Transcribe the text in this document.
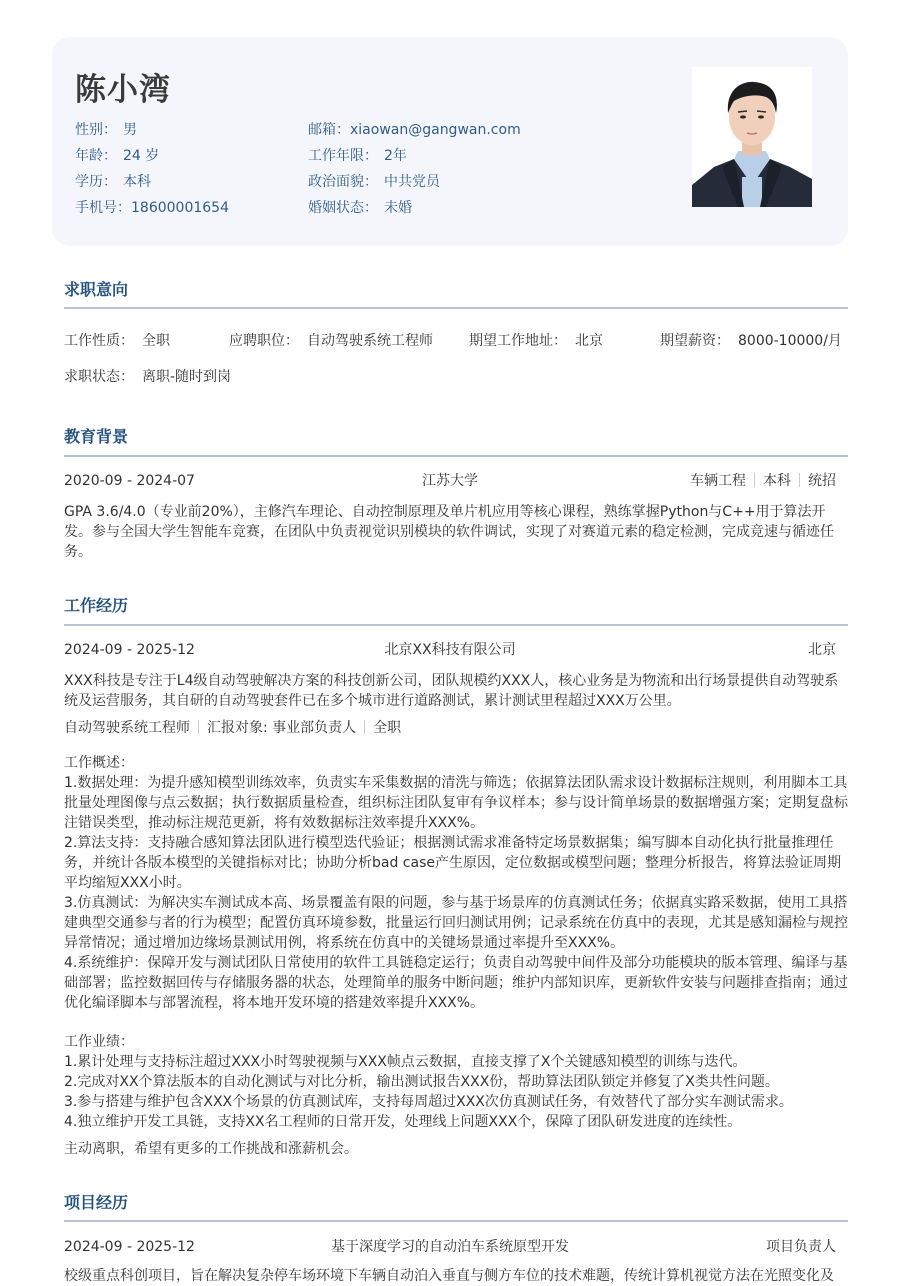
陈小湾
性别： 男
年龄： 24 岁
学历： 本科
手机号：18600001654
邮箱：xiaowan@gangwan.com
工作年限： 2年
政治面貌： 中共党员
婚姻状态： 未婚
求职意向
工作性质： 全职	应聘职位： 自动驾驶系统工程师	期望工作地址： 北京	期望薪资： 8000-10000/月
求职状态： 离职-随时到岗
教育背景
2020-09 - 2024-07	江苏大学	车辆工程 本科 统招
GPA 3.6/4.0（专业前20%），主修汽车理论、自动控制原理及单片机应用等核心课程，熟练掌握Python与C++用于算法开发。参与全国大学生智能车竞赛，在团队中负责视觉识别模块的软件调试，实现了对赛道元素的稳定检测，完成竞速与循迹任务。
工作经历
2024-09 - 2025-12	北京XX科技有限公司	北京
XXX科技是专注于L4级自动驾驶解决方案的科技创新公司，团队规模约XXX人，核心业务是为物流和出行场景提供自动驾驶系统及运营服务，其自研的自动驾驶套件已在多个城市进行道路测试，累计测试里程超过XXX万公里。
自动驾驶系统工程师 汇报对象: 事业部负责人 全职
工作概述：
1.数据处理：为提升感知模型训练效率，负责实车采集数据的清洗与筛选；依据算法团队需求设计数据标注规则，利用脚本工具批量处理图像与点云数据；执行数据质量检查，组织标注团队复审有争议样本；参与设计简单场景的数据增强方案；定期复盘标注错误类型，推动标注规范更新，将有效数据标注效率提升XXX%。
2.算法支持：支持融合感知算法团队进行模型迭代验证；根据测试需求准备特定场景数据集；编写脚本自动化执行批量推理任务，并统计各版本模型的关键指标对比；协助分析bad case产生原因，定位数据或模型问题；整理分析报告，将算法验证周期平均缩短XXX小时。
3.仿真测试：为解决实车测试成本高、场景覆盖有限的问题，参与基于场景库的仿真测试任务；依据真实路采数据，使用工具搭建典型交通参与者的行为模型；配置仿真环境参数，批量运行回归测试用例；记录系统在仿真中的表现，尤其是感知漏检与规控异常情况；通过增加边缘场景测试用例，将系统在仿真中的关键场景通过率提升至XXX%。
4.系统维护：保障开发与测试团队日常使用的软件工具链稳定运行；负责自动驾驶中间件及部分功能模块的版本管理、编译与基础部署；监控数据回传与存储服务器的状态，处理简单的服务中断问题；维护内部知识库，更新软件安装与问题排查指南；通过优化编译脚本与部署流程，将本地开发环境的搭建效率提升XXX%。
工作业绩：
1.累计处理与支持标注超过XXX小时驾驶视频与XXX帧点云数据，直接支撑了X个关键感知模型的训练与迭代。
2.完成对XX个算法版本的自动化测试与对比分析，输出测试报告XXX份，帮助算法团队锁定并修复了X类共性问题。
3.参与搭建与维护包含XXX个场景的仿真测试库，支持每周超过XXX次仿真测试任务，有效替代了部分实车测试需求。
4.独立维护开发工具链，支持XX名工程师的日常开发，处理线上问题XXX个，保障了团队研发进度的连续性。
主动离职，希望有更多的工作挑战和涨薪机会。
项目经历
2024-09 - 2025-12	基于深度学习的自动泊车系统原型开发	项目负责人
校级重点科创项目，旨在解决复杂停车场环境下车辆自动泊入垂直与侧方车位的技术难题，传统计算机视觉方法在光照变化及
